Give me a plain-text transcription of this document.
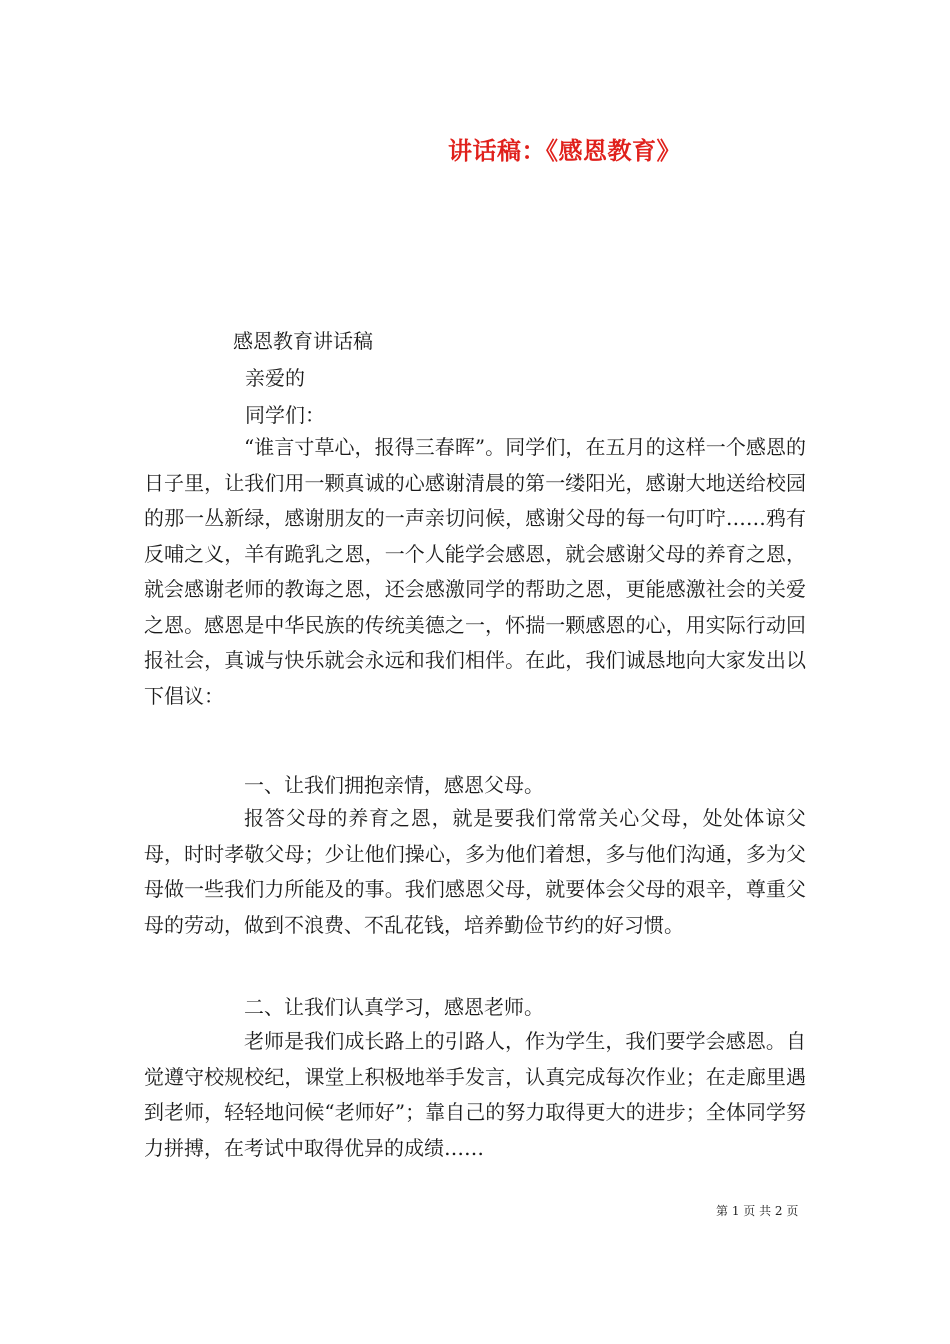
讲话稿：《感恩教育》
感恩教育讲话稿
亲爱的
同学们：

“谁言寸草心，报得三春晖”。同学们，在五月的这样一个感恩的日子里，让我们用一颗真诚的心感谢清晨的第一缕阳光，感谢大地送给校园的那一丛新绿，感谢朋友的一声亲切问候，感谢父母的每一句叮咛……鸦有反哺之义，羊有跪乳之恩，一个人能学会感恩，就会感谢父母的养育之恩，就会感谢老师的教诲之恩，还会感激同学的帮助之恩，更能感激社会的关爱之恩。感恩是中华民族的传统美德之一，怀揣一颗感恩的心，用实际行动回报社会，真诚与快乐就会永远和我们相伴。在此，我们诚恳地向大家发出以下倡议：

一、让我们拥抱亲情，感恩父母。

报答父母的养育之恩，就是要我们常常关心父母，处处体谅父母，时时孝敬父母；少让他们操心，多为他们着想，多与他们沟通，多为父母做一些我们力所能及的事。我们感恩父母，就要体会父母的艰辛，尊重父母的劳动，做到不浪费、不乱花钱，培养勤俭节约的好习惯。

二、让我们认真学习，感恩老师。

老师是我们成长路上的引路人，作为学生，我们要学会感恩。自觉遵守校规校纪，课堂上积极地举手发言，认真完成每次作业；在走廊里遇到老师，轻轻地问候“老师好”；靠自己的努力取得更大的进步；全体同学努力拼搏，在考试中取得优异的成绩……

第 1 页 共 2 页
